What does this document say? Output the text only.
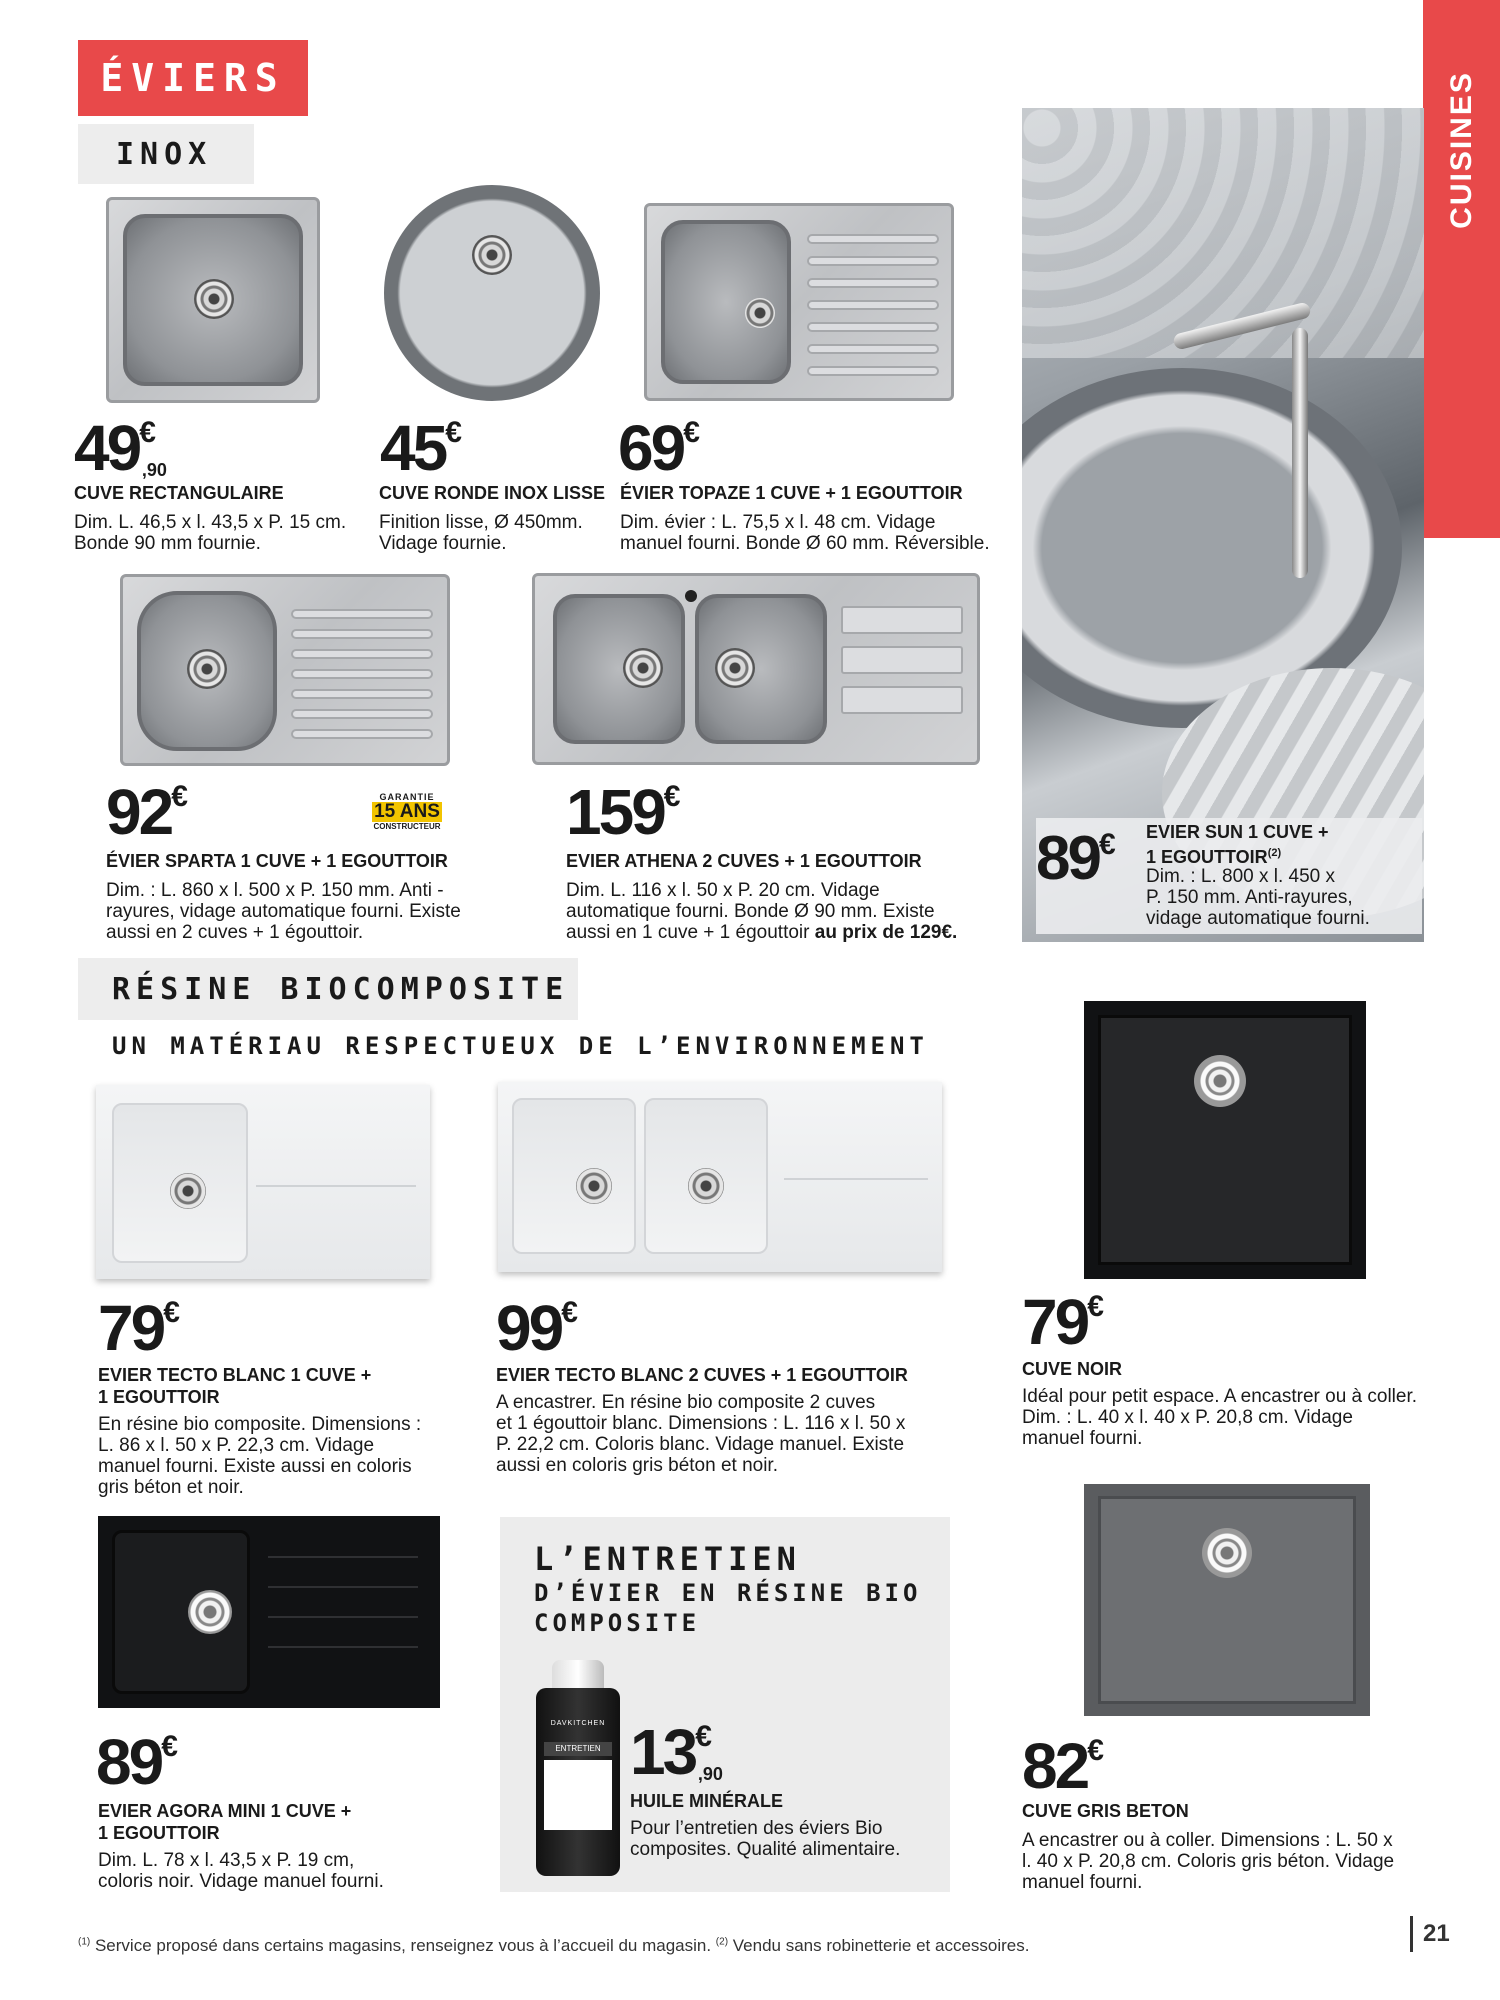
CUISINES
ÉVIERS
INOX
49€,90
CUVE RECTANGULAIRE
Dim. L. 46,5 x l. 43,5 x P. 15 cm.
Bonde 90 mm fournie.
45€
CUVE RONDE INOX LISSE
Finition lisse, Ø 450mm.
Vidage fournie.
69€
ÉVIER TOPAZE 1 CUVE + 1 EGOUTTOIR
Dim. évier : L. 75,5 x l. 48 cm. Vidage
manuel fourni. Bonde Ø 60 mm. Réversible.
92€	GARANTIE
15 ANS
CONSTRUCTEUR
ÉVIER SPARTA 1 CUVE + 1 EGOUTTOIR
Dim. : L. 860 x l. 500 x P. 150 mm. Anti -
rayures, vidage automatique fourni. Existe
aussi en 2 cuves + 1 égouttoir.
159€
EVIER ATHENA 2 CUVES + 1 EGOUTTOIR
Dim. L. 116 x l. 50 x P. 20 cm. Vidage
automatique fourni. Bonde Ø 90 mm. Existe
aussi en 1 cuve + 1 égouttoir au prix de 129€.
89€ EVIER SUN 1 CUVE +
1 EGOUTTOIR$^{(2)}$
Dim. : L. 800 x l. 450 x
P. 150 mm. Anti-rayures,
vidage automatique fourni.
RÉSINE BIOCOMPOSITE
UN MATÉRIAU RESPECTUEUX DE L’ENVIRONNEMENT
79€
EVIER TECTO BLANC 1 CUVE +
1 EGOUTTOIR
En résine bio composite. Dimensions :
L. 86 x l. 50 x P. 22,3 cm. Vidage
manuel fourni. Existe aussi en coloris
gris béton et noir.
99€
EVIER TECTO BLANC 2 CUVES + 1 EGOUTTOIR
A encastrer. En résine bio composite 2 cuves
et 1 égouttoir blanc. Dimensions : L. 116 x l. 50 x
P. 22,2 cm. Coloris blanc. Vidage manuel. Existe
aussi en coloris gris béton et noir.
79€
CUVE NOIR
Idéal pour petit espace. A encastrer ou à coller.
Dim. : L. 40 x l. 40 x P. 20,8 cm. Vidage
manuel fourni.
89€
EVIER AGORA MINI 1 CUVE +
1 EGOUTTOIR
Dim. L. 78 x l. 43,5 x P. 19 cm,
coloris noir. Vidage manuel fourni.
L’ENTRETIEN
D’ÉVIER EN RÉSINE BIO
COMPOSITE
DAVKITCHEN
ENTRETIEN 13€,90
HUILE MINÉRALE
Pour l’entretien des éviers Bio
composites. Qualité alimentaire.
82€
CUVE GRIS BETON
A encastrer ou à coller. Dimensions : L. 50 x
l. 40 x P. 20,8 cm. Coloris gris béton. Vidage
manuel fourni.
$^{(1)}$ Service proposé dans certains magasins, renseignez vous à l’accueil du magasin. $^{(2)}$ Vendu sans robinetterie et accessoires.	21
